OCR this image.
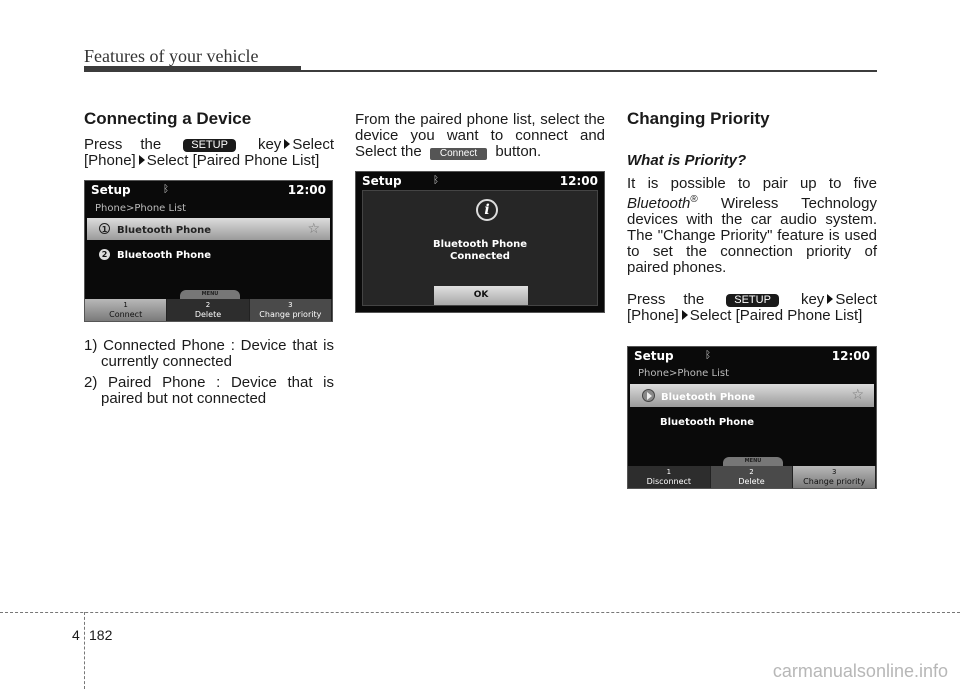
Features of your vehicle
Connecting a Device
Press the	SETUP key Select
[Phone] Select [Paired Phone List]
Setup	ᛒ	12:00
Phone>Phone List
1 Bluetooth Phone	☆
2 Bluetooth Phone
MENU
1
Connect
2
Delete
3
Change priority
1) Connected Phone : Device that is
currently connected
2) Paired Phone : Device that is
paired but not connected
From the paired phone list, select the
device you want to connect and
Select the Connect button.
Setup	ᛒ	12:00
i
Bluetooth Phone
Connected
OK
Changing Priority
What is Priority?
It is possible to pair up to five
Bluetooth® Wireless Technology
devices with the car audio system.
The "Change Priority" feature is used
to set the connection priority of
paired phones.
Press the	SETUP key Select
[Phone] Select [Paired Phone List]
Setup	ᛒ	12:00
Phone>Phone List
Bluetooth Phone	☆
Bluetooth Phone
MENU
1
Disconnect
2
Delete
3
Change priority
4 182
carmanualsonline.info
